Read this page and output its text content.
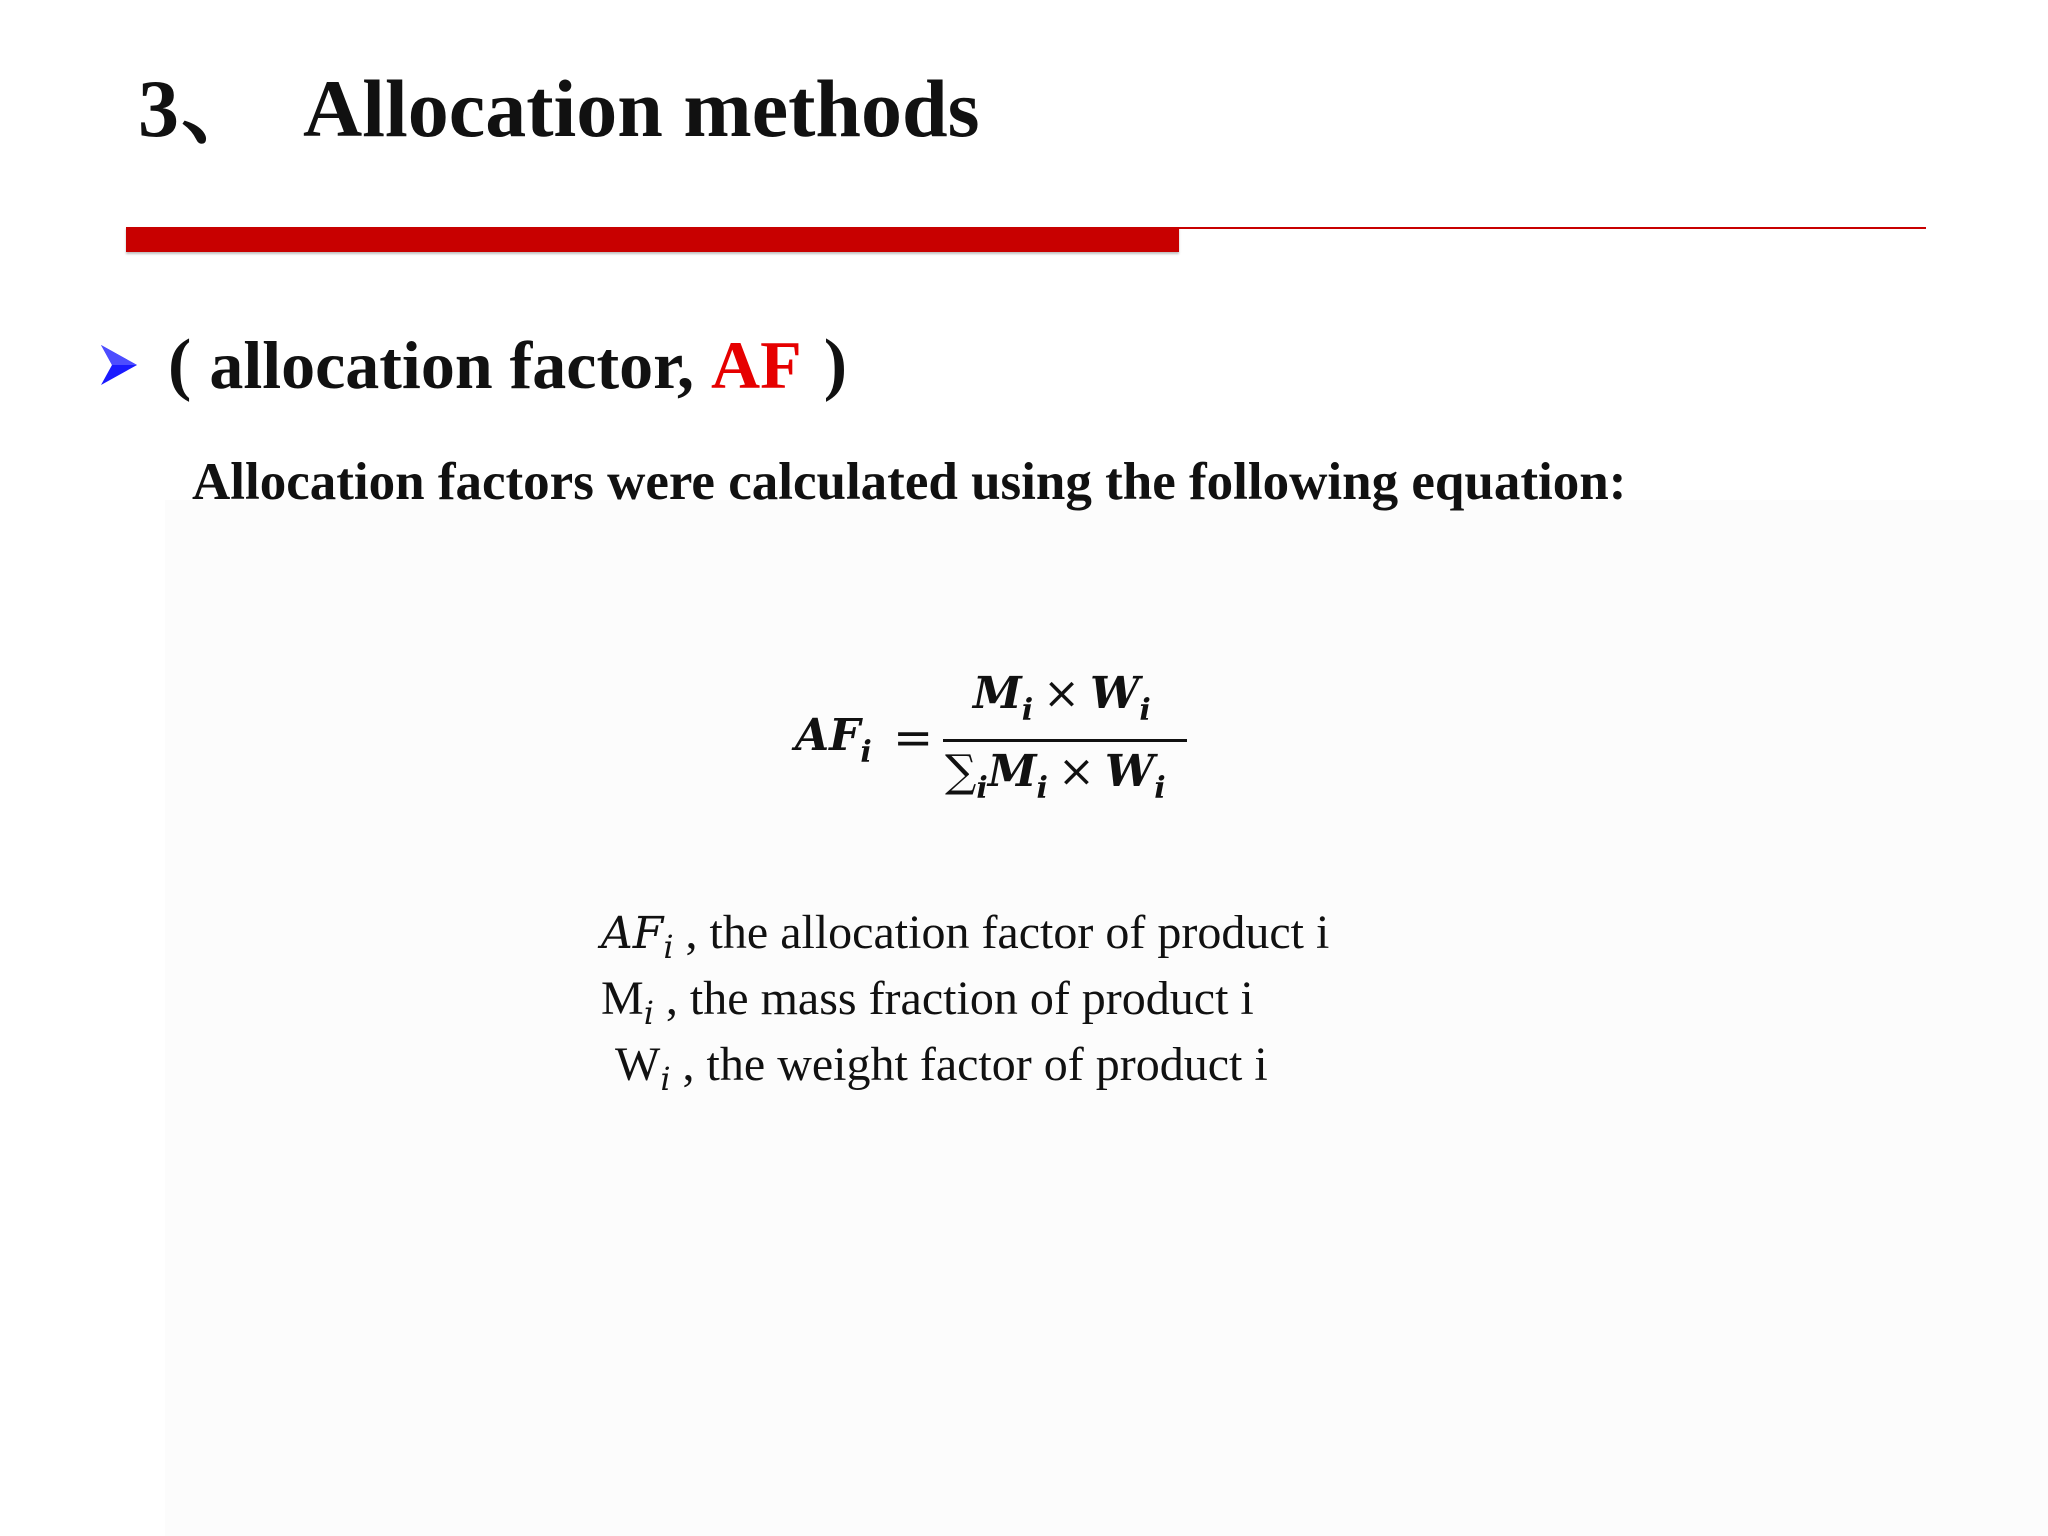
3、 Allocation methods
( allocation factor,
AF )
Allocation factors were calculated using the following equation:
$AF_i$ =
$M_i \times W_i$
$\sum_iM_i \times W_i$
$AF_i$ , the allocation factor of product i
$M_i$ , the mass fraction of product i
$W_i$ , the weight factor of product i
